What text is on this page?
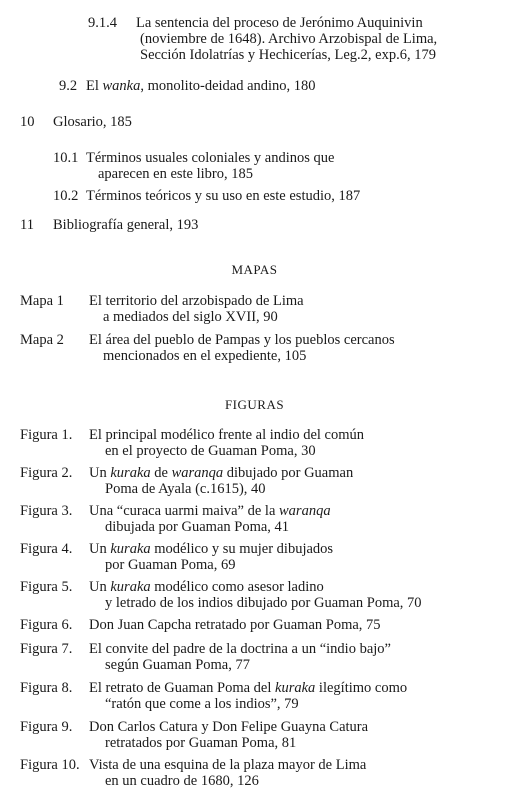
9.1.4 La sentencia del proceso de Jerónimo Auquinivin
(noviembre de 1648). Archivo Arzobispal de Lima,
Sección Idolatrías y Hechicerías, Leg.2, exp.6, 179
9.2 El wanka, monolito-deidad andino, 180
10 Glosario, 185
10.1 Términos usuales coloniales y andinos que
aparecen en este libro, 185
10.2 Términos teóricos y su uso en este estudio, 187
11 Bibliografía general, 193
MAPAS
Mapa 1 El territorio del arzobispado de Lima
a mediados del siglo XVII, 90
Mapa 2 El área del pueblo de Pampas y los pueblos cercanos
mencionados en el expediente, 105
FIGURAS
Figura 1. El principal modélico frente al indio del común
en el proyecto de Guaman Poma, 30
Figura 2. Un kuraka de waranqa dibujado por Guaman
Poma de Ayala (c.1615), 40
Figura 3. Una “curaca uarmi maiva” de la waranqa
dibujada por Guaman Poma, 41
Figura 4. Un kuraka modélico y su mujer dibujados
por Guaman Poma, 69
Figura 5. Un kuraka modélico como asesor ladino
y letrado de los indios dibujado por Guaman Poma, 70
Figura 6. Don Juan Capcha retratado por Guaman Poma, 75
Figura 7. El convite del padre de la doctrina a un “indio bajo”
según Guaman Poma, 77
Figura 8. El retrato de Guaman Poma del kuraka ilegítimo como
“ratón que come a los indios”, 79
Figura 9. Don Carlos Catura y Don Felipe Guayna Catura
retratados por Guaman Poma, 81
Figura 10. Vista de una esquina de la plaza mayor de Lima
en un cuadro de 1680, 126
